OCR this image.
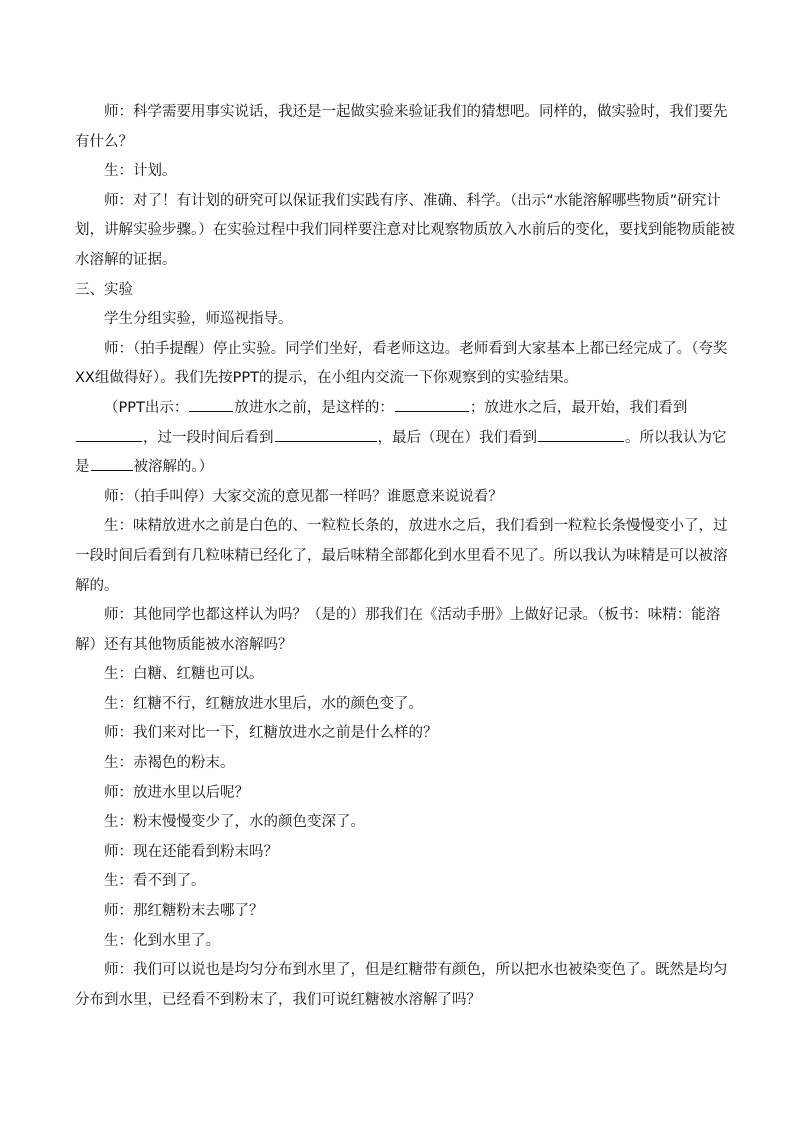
师：科学需要用事实说话，我还是一起做实验来验证我们的猜想吧。同样的，做实验时，我们要先有什么？

生：计划。

师：对了！有计划的研究可以保证我们实践有序、准确、科学。（出示“水能溶解哪些物质”研究计划，讲解实验步骤。）在实验过程中我们同样要注意对比观察物质放入水前后的变化，要找到能物质能被水溶解的证据。

三、实验

学生分组实验，师巡视指导。

师：（拍手提醒）停止实验。同学们坐好，看老师这边。老师看到大家基本上都已经完成了。（夸奖XX组做得好）。我们先按PPT的提示，在小组内交流一下你观察到的实验结果。

（PPT出示：	放进水之前，是这样的：	；放进水之后，最开始，我们看到，过一段时间后看到	，最后（现在）我们看到	。所以我认为它是	被溶解的。）

师：（拍手叫停）大家交流的意见都一样吗？谁愿意来说说看？

生：味精放进水之前是白色的、一粒粒长条的，放进水之后，我们看到一粒粒长条慢慢变小了，过一段时间后看到有几粒味精已经化了，最后味精全部都化到水里看不见了。所以我认为味精是可以被溶解的。

师：其他同学也都这样认为吗？（是的）那我们在《活动手册》上做好记录。（板书：味精：能溶解）还有其他物质能被水溶解吗？

生：白糖、红糖也可以。

生：红糖不行，红糖放进水里后，水的颜色变了。

师：我们来对比一下，红糖放进水之前是什么样的？

生：赤褐色的粉末。

师：放进水里以后呢？

生：粉末慢慢变少了，水的颜色变深了。

师：现在还能看到粉末吗？

生：看不到了。

师：那红糖粉末去哪了？

生：化到水里了。

师：我们可以说也是均匀分布到水里了，但是红糖带有颜色，所以把水也被染变色了。既然是均匀分布到水里，已经看不到粉末了，我们可说红糖被水溶解了吗？
